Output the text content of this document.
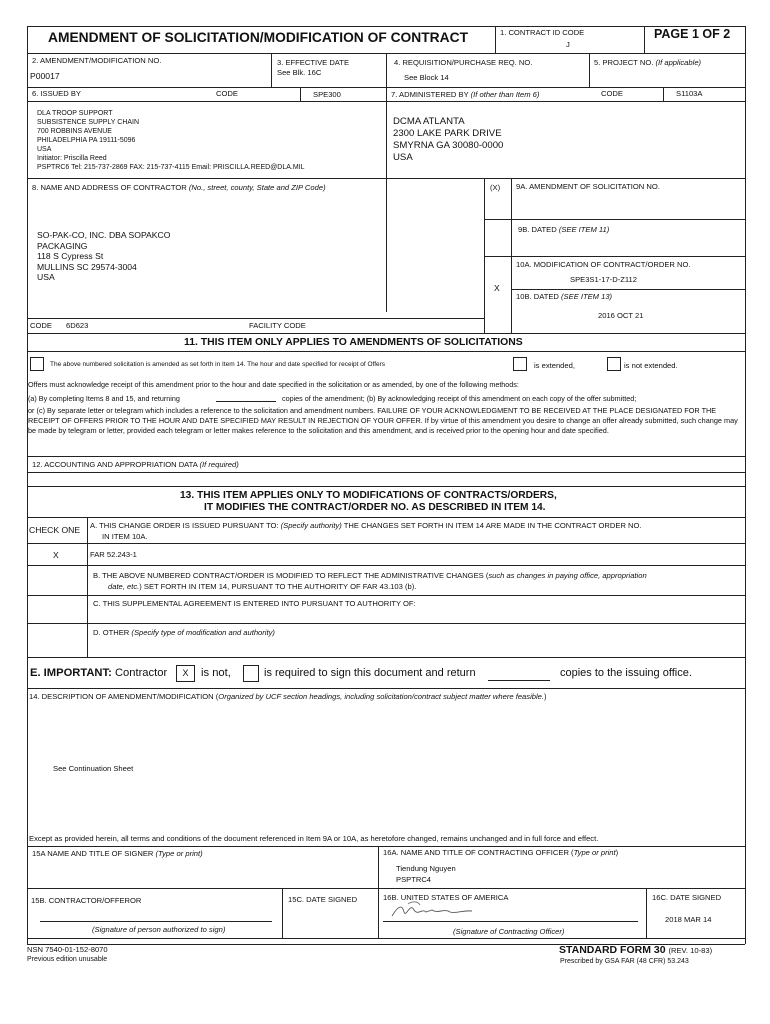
AMENDMENT OF SOLICITATION/MODIFICATION OF CONTRACT	1. CONTRACT ID CODE
J
PAGE 1 OF 2
2. AMENDMENT/MODIFICATION NO.
P00017
3. EFFECTIVE DATE
See Blk. 16C
4. REQUISITION/PURCHASE REQ. NO.
See Block 14
5. PROJECT NO. (If applicable)
6. ISSUED BY	CODE	SPE300	7. ADMINISTERED BY (If other than Item 6)	CODE	S1103A
DLA TROOP SUPPORT
SUBSISTENCE SUPPLY CHAIN
700 ROBBINS AVENUE
PHILADELPHIA PA 19111-5096
USA
Initiator: Priscilla Reed
PSPTRC6 Tel: 215-737-2869 FAX: 215-737-4115 Email: PRISCILLA.REED@DLA.MIL
DCMA ATLANTA
2300 LAKE PARK DRIVE
SMYRNA GA 30080-0000
USA
8. NAME AND ADDRESS OF CONTRACTOR (No., street, county, State and ZIP Code)	(X) 9A. AMENDMENT OF SOLICITATION NO.
9B. DATED (SEE ITEM 11)
SO-PAK-CO, INC. DBA SOPAKCO
PACKAGING
118 S Cypress St
MULLINS SC 29574-3004
USA
10A. MODIFICATION OF CONTRACT/ORDER NO.
SPE3S1-17-D-Z112
X
10B. DATED (SEE ITEM 13)
2016 OCT 21
CODE 6D623	FACILITY CODE
11. THIS ITEM ONLY APPLIES TO AMENDMENTS OF SOLICITATIONS
The above numbered solicitation is amended as set forth in Item 14. The hour and date specified for receipt of Offers	is extended,	is not extended.
Offers must acknowledge receipt of this amendment prior to the hour and date specified in the solicitation or as amended, by one of the following methods:
(a) By completing Items 8 and 15, and returning	copies of the amendment; (b) By acknowledging receipt of this amendment on each copy of the offer submitted;
or (c) By separate letter or telegram which includes a reference to the solicitation and amendment numbers. FAILURE OF YOUR ACKNOWLEDGMENT TO BE RECEIVED AT THE PLACE DESIGNATED FOR THE RECEIPT OF OFFERS PRIOR TO THE HOUR AND DATE SPECIFIED MAY RESULT IN REJECTION OF YOUR OFFER. If by virtue of this amendment you desire to change an offer already submitted, such change may be made by telegram or letter, provided each telegram or letter makes reference to the solicitation and this amendment, and is received prior to the opening hour and date specified.
12. ACCOUNTING AND APPROPRIATION DATA (If required)
13. THIS ITEM APPLIES ONLY TO MODIFICATIONS OF CONTRACTS/ORDERS,
IT MODIFIES THE CONTRACT/ORDER NO. AS DESCRIBED IN ITEM 14.
CHECK ONE A. THIS CHANGE ORDER IS ISSUED PURSUANT TO: (Specify authority) THE CHANGES SET FORTH IN ITEM 14 ARE MADE IN THE CONTRACT ORDER NO.
IN ITEM 10A.
X	FAR 52.243-1
B. THE ABOVE NUMBERED CONTRACT/ORDER IS MODIFIED TO REFLECT THE ADMINISTRATIVE CHANGES (such as changes in paying office, appropriation
date, etc.) SET FORTH IN ITEM 14, PURSUANT TO THE AUTHORITY OF FAR 43.103 (b).
C. THIS SUPPLEMENTAL AGREEMENT IS ENTERED INTO PURSUANT TO AUTHORITY OF:
D. OTHER (Specify type of modification and authority)
E. IMPORTANT: Contractor	X	is not,	is required to sign this document and return	copies to the issuing office.
14. DESCRIPTION OF AMENDMENT/MODIFICATION (Organized by UCF section headings, including solicitation/contract subject matter where feasible.)
See Continuation Sheet
Except as provided herein, all terms and conditions of the document referenced in Item 9A or 10A, as heretofore changed, remains unchanged and in full force and effect.
15A NAME AND TITLE OF SIGNER (Type or print)	16A. NAME AND TITLE OF CONTRACTING OFFICER (Type or print)
Tiendung Nguyen
PSPTRC4
15B. CONTRACTOR/OFFEROR	15C. DATE SIGNED	16B. UNITED STATES OF AMERICA	16C. DATE SIGNED
2018 MAR 14
(Signature of person authorized to sign)	(Signature of Contracting Officer)
NSN 7540-01-152-8070
Previous edition unusable
STANDARD FORM 30 (REV. 10-83)
Prescribed by GSA FAR (48 CFR) 53.243
